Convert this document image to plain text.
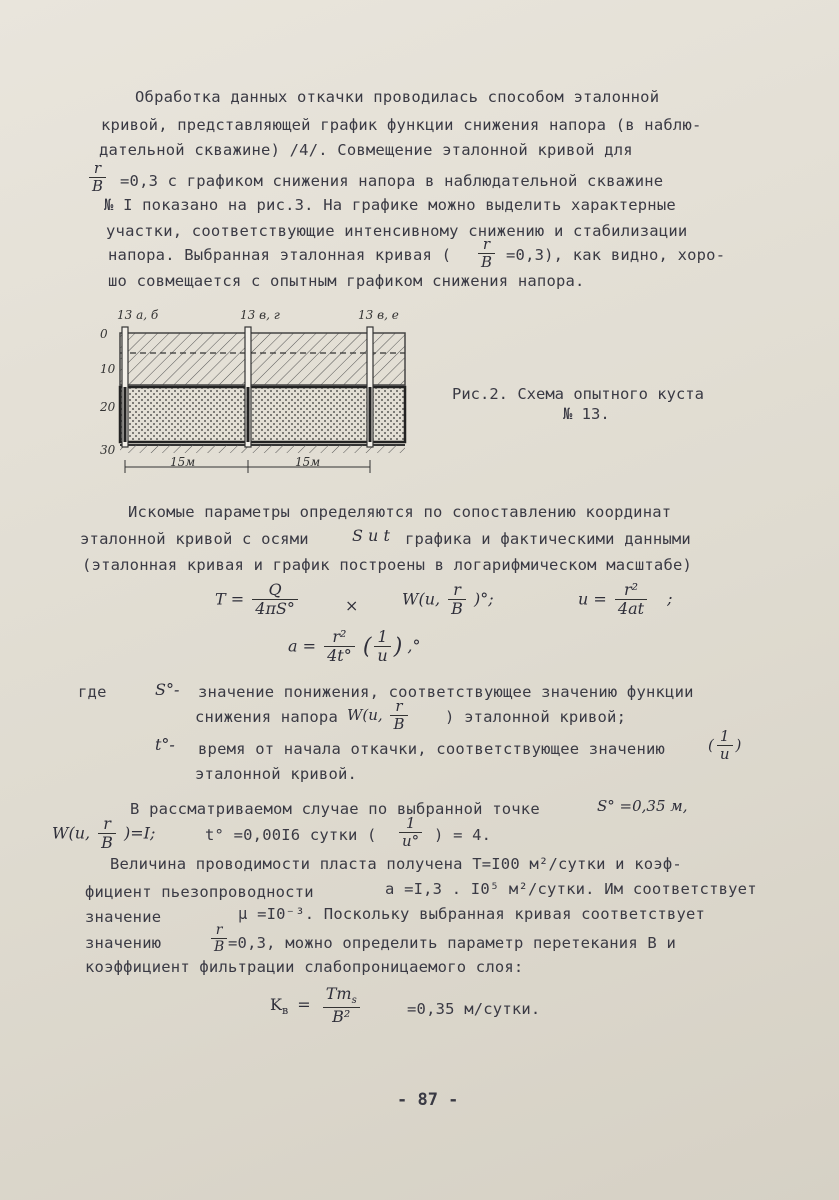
Обработка данных откачки проводилась способом эталонной
кривой, представляющей график функции снижения напора (в наблю-
дательной скважине) /4/. Совмещение эталонной кривой для
$\frac{r}{B} =0,3$ с графиком снижения напора в наблюдательной скважине
№ I показано на рис.3. На графике можно выделить характерные
участки, соответствующие интенсивному снижению и стабилизации
напора. Выбранная эталонная кривая ( $\frac{r}{B} =0,3$), как видно, хоро-
шо совмещается с опытным графиком снижения напора.
13 а, б	13 в, г	13 в, е
0
10
20
30
15м	15м
Рис.2. Схема опытного куста
№ 13.
Искомые параметры определяются по сопоставлению координат
эталонной кривой с осями	S и t графика и фактическими данными
(эталонная кривая и график построены в логарифмическом масштабе)
$T = \frac{Q}{4\pi S^\circ}$	×	W(u, $\frac{r}{B}$ )°;	$u = \frac{\text{r²}}{4at}$ ;
$a = \frac{\text{r²}}{4t^\circ}$ ( $\frac{1}{u}$ ) ,°
где	S°- значение понижения, соответствующее значению функции
снижения напора W(u, $\frac{r}{B}$ ) эталонной кривой;
t°- время от начала откачки, соответствующее значению	( $\frac{1}{u}$ )
эталонной кривой.
В рассматриваемом случае по выбранной точке	S° =0,35 м,
W(u, $\frac{r}{B} )=I$;	t° =0,00I6 сутки ( $\frac{1}{u^\circ}$ ) = 4.
Величина проводимости пласта получена T=I00 м²/сутки и коэф-
фициент пьезопроводности	a =I,3 . I0⁵ м²/сутки. Им соответствует
значение	μ =I0⁻³. Поскольку выбранная кривая соответствует
значению	$\frac{r}{B} =0,3$, можно определить параметр перетекания B и
коэффициент фильтрации слабопроницаемого слоя:
$K_в = \frac{Tm_s}{\text{B²}}$	=0,35 м/сутки.
- 87 -
